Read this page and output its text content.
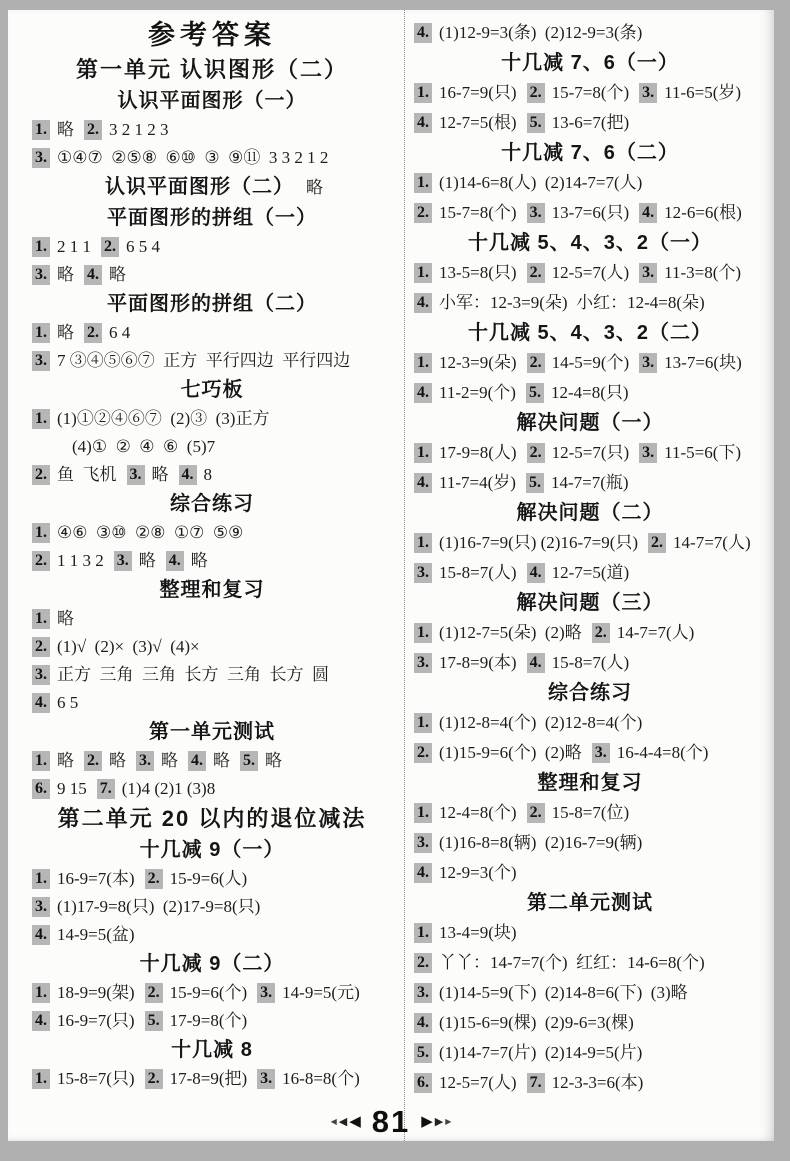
参考答案
第一单元 认识图形（二）
认识平面图形（一）
1. 略 2. 3 2 1 2 3
3. ①④⑦  ②⑤⑧  ⑥⑩  ③  ⑨⑪  3 3 2 1 2
认识平面图形（二） 略
平面图形的拼组（一）
1. 2 1 1 2. 6 5 4
3. 略 4. 略
平面图形的拼组（二）
1. 略 2. 6 4
3. 7 ③④⑤⑥⑦  正方  平行四边  平行四边
七巧板
1. (1)①②④⑥⑦  (2)③  (3)正方
(4)①  ②  ④  ⑥  (5)7
2. 鱼  飞机 3. 略 4. 8
综合练习
1. ④⑥  ③⑩  ②⑧  ①⑦  ⑤⑨
2. 1 1 3 2 3. 略 4. 略
整理和复习
1. 略
2. (1)√  (2)×  (3)√  (4)×
3. 正方  三角  三角  长方  三角  长方  圆
4. 6 5
第一单元测试
1. 略 2. 略 3. 略 4. 略 5. 略
6. 9 15 7. (1)4 (2)1 (3)8
第二单元 20 以内的退位减法
十几减 9（一）
1. 16-9=7(本) 2. 15-9=6(人)
3. (1)17-9=8(只)  (2)17-9=8(只)
4. 14-9=5(盆)
十几减 9（二）
1. 18-9=9(架) 2. 15-9=6(个) 3. 14-9=5(元)
4. 16-9=7(只) 5. 17-9=8(个)
十几减 8
1. 15-8=7(只) 2. 17-8=9(把) 3. 16-8=8(个)
4. (1)12-9=3(条)  (2)12-9=3(条)
十几减 7、6（一）
1. 16-7=9(只) 2. 15-7=8(个) 3. 11-6=5(岁)
4. 12-7=5(根) 5. 13-6=7(把)
十几减 7、6（二）
1. (1)14-6=8(人)  (2)14-7=7(人)
2. 15-7=8(个) 3. 13-7=6(只) 4. 12-6=6(根)
十几减 5、4、3、2（一）
1. 13-5=8(只) 2. 12-5=7(人) 3. 11-3=8(个)
4. 小军：12-3=9(朵)  小红：12-4=8(朵)
十几减 5、4、3、2（二）
1. 12-3=9(朵) 2. 14-5=9(个) 3. 13-7=6(块)
4. 11-2=9(个) 5. 12-4=8(只)
解决问题（一）
1. 17-9=8(人) 2. 12-5=7(只) 3. 11-5=6(下)
4. 11-7=4(岁) 5. 14-7=7(瓶)
解决问题（二）
1. (1)16-7=9(只) (2)16-7=9(只) 2. 14-7=7(人)
3. 15-8=7(人) 4. 12-7=5(道)
解决问题（三）
1. (1)12-7=5(朵)  (2)略 2. 14-7=7(人)
3. 17-8=9(本) 4. 15-8=7(人)
综合练习
1. (1)12-8=4(个)  (2)12-8=4(个)
2. (1)15-9=6(个)  (2)略 3. 16-4-4=8(个)
整理和复习
1. 12-4=8(个) 2. 15-8=7(位)
3. (1)16-8=8(辆)  (2)16-7=9(辆)
4. 12-9=3(个)
第二单元测试
1. 13-4=9(块)
2. 丫丫：14-7=7(个)  红红：14-6=8(个)
3. (1)14-5=9(下)  (2)14-8=6(下)  (3)略
4. (1)15-6=9(棵)  (2)9-6=3(棵)
5. (1)14-7=7(片)  (2)14-9=5(片)
6. 12-5=7(人) 7. 12-3-3=6(本)
◀ ◀ ◀ 81 ▶ ▶ ▶
